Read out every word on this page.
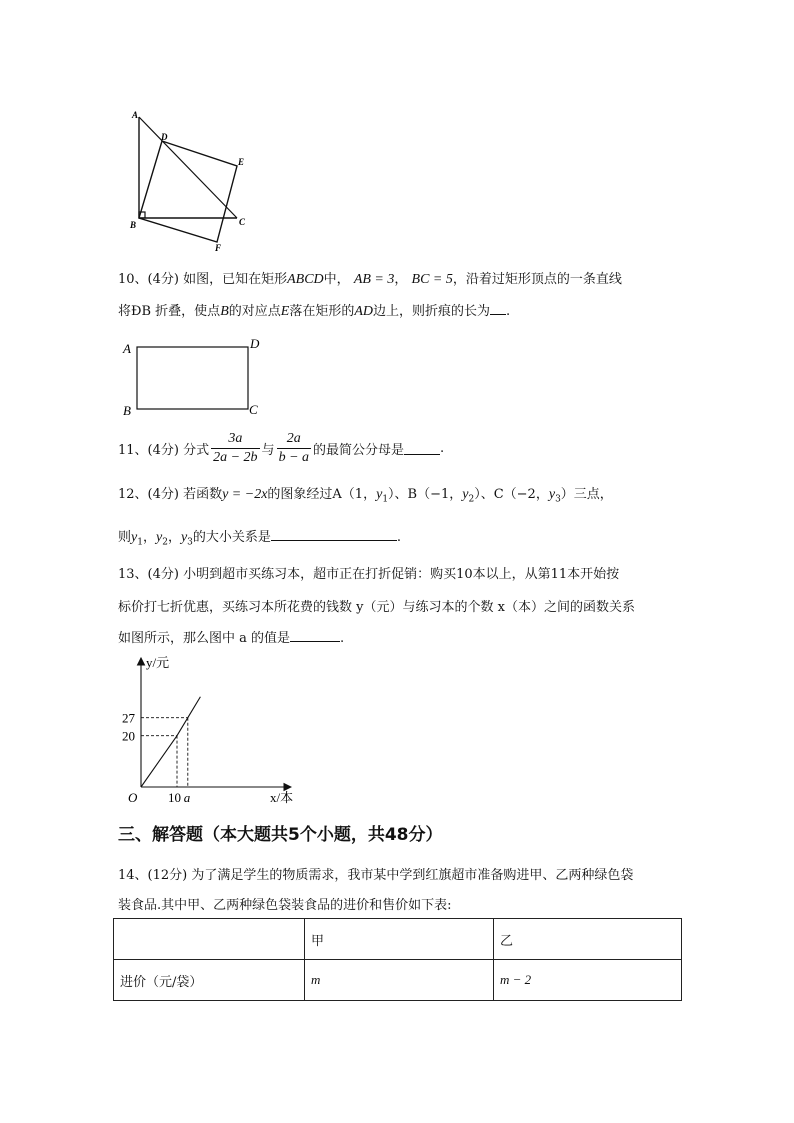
A
D
E
B	C
F
10、(4分) 如图，已知在矩形ABCD中， AB = 3， BC = 5，沿着过矩形顶点的一条直线
将ÐB 折叠，使点B的对应点E落在矩形的AD边上，则折痕的长为 .
A	D
B	C
11、(4分) 分式 $\frac{3a}{2a - 2b}$ 与 $\frac{2a}{b - a}$ 的最简公分母是	.
12、(4分) 若函数y = −2x的图象经过A（1，$y_1$）、B（−1，$y_2$）、C（−2，$y_3$）三点，
则$y_1$，$y_2$，$y_3$的大小关系是	.
13、(4分) 小明到超市买练习本，超市正在打折促销：购买10本以上，从第11本开始按
标价打七折优惠，买练习本所花费的钱数 y（元）与练习本的个数 x（本）之间的函数关系
如图所示，那么图中 a 的值是	.
O 10 a
27
20
y/元
x/本
三、解答题（本大题共5个小题，共48分）
14、(12分) 为了满足学生的物质需求，我市某中学到红旗超市准备购进甲、乙两种绿色袋
装食品.其中甲、乙两种绿色袋装食品的进价和售价如下表:
	甲	乙
进价（元/袋）	m	m − 2
